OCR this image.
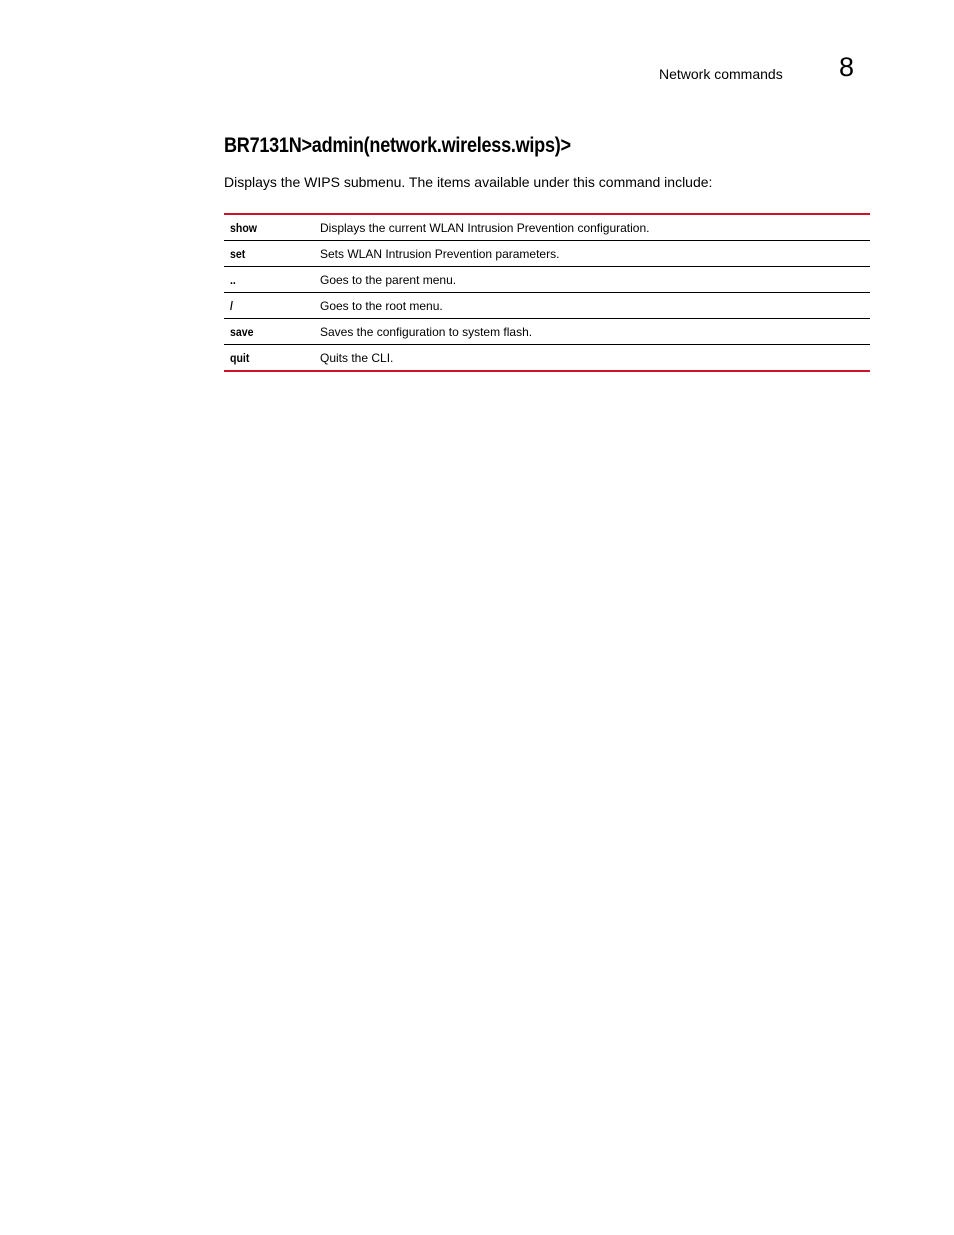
Network commands 8
BR7131N>admin(network.wireless.wips)>

Displays the WIPS submenu. The items available under this command include:

show	Displays the current WLAN Intrusion Prevention configuration.
set	Sets WLAN Intrusion Prevention parameters.
..	Goes to the parent menu.
/	Goes to the root menu.
save	Saves the configuration to system flash.
quit	Quits the CLI.
